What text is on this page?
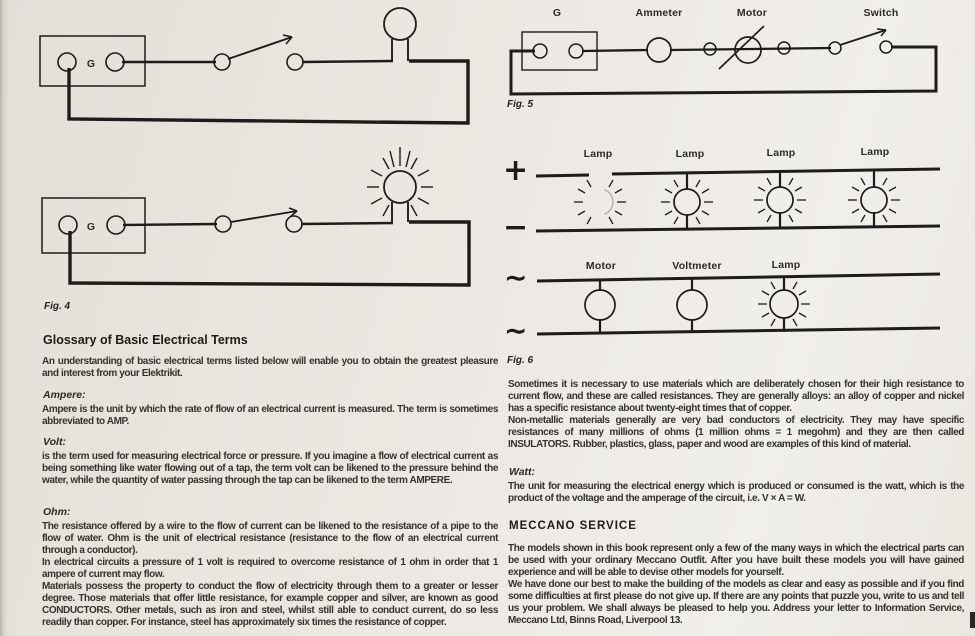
G
G
Fig. 4
G	Ammeter	Motor	Switch
Fig. 5
+
−
∼
∼
Lamp	Lamp	Lamp	Lamp
Motor	Voltmeter	Lamp
Fig. 6
Glossary of Basic Electrical Terms
An understanding of basic electrical terms listed below will enable you to obtain the greatest pleasure and interest from your Elektrikit.
Ampere:
Ampere is the unit by which the rate of flow of an electrical current is measured. The term is sometimes abbreviated to AMP.
Volt:
is the term used for measuring electrical force or pressure. If you imagine a flow of electrical current as being something like water flowing out of a tap, the term volt can be likened to the pressure behind the water, while the quantity of water passing through the tap can be likened to the term AMPERE.
Ohm:

The resistance offered by a wire to the flow of current can be likened to the resistance of a pipe to the flow of water. Ohm is the unit of electrical resistance (resistance to the flow of an electrical current through a conductor).

In electrical circuits a pressure of 1 volt is required to overcome resistance of 1 ohm in order that 1 ampere of current may flow.

Materials possess the property to conduct the flow of electricity through them to a greater or lesser degree. Those materials that offer little resistance, for example copper and silver, are known as good CONDUCTORS. Other metals, such as iron and steel, whilst still able to conduct current, do so less readily than copper. For instance, steel has approximately six times the resistance of copper.

Sometimes it is necessary to use materials which are deliberately chosen for their high resistance to current flow, and these are called resistances. They are generally alloys: an alloy of copper and nickel has a specific resistance about twenty-eight times that of copper.

Non-metallic materials generally are very bad conductors of electricity. They may have specific resistances of many millions of ohms (1 million ohms = 1 megohm) and they are then called INSULATORS. Rubber, plastics, glass, paper and wood are examples of this kind of material.

Watt:
The unit for measuring the electrical energy which is produced or consumed is the watt, which is the product of the voltage and the amperage of the circuit, i.e. V × A = W.
MECCANO SERVICE

The models shown in this book represent only a few of the many ways in which the electrical parts can be used with your ordinary Meccano Outfit. After you have built these models you will have gained experience and will be able to devise other models for yourself.

We have done our best to make the building of the models as clear and easy as possible and if you find some difficulties at first please do not give up. If there are any points that puzzle you, write to us and tell us your problem. We shall always be pleased to help you. Address your letter to Information Service, Meccano Ltd, Binns Road, Liverpool 13.
